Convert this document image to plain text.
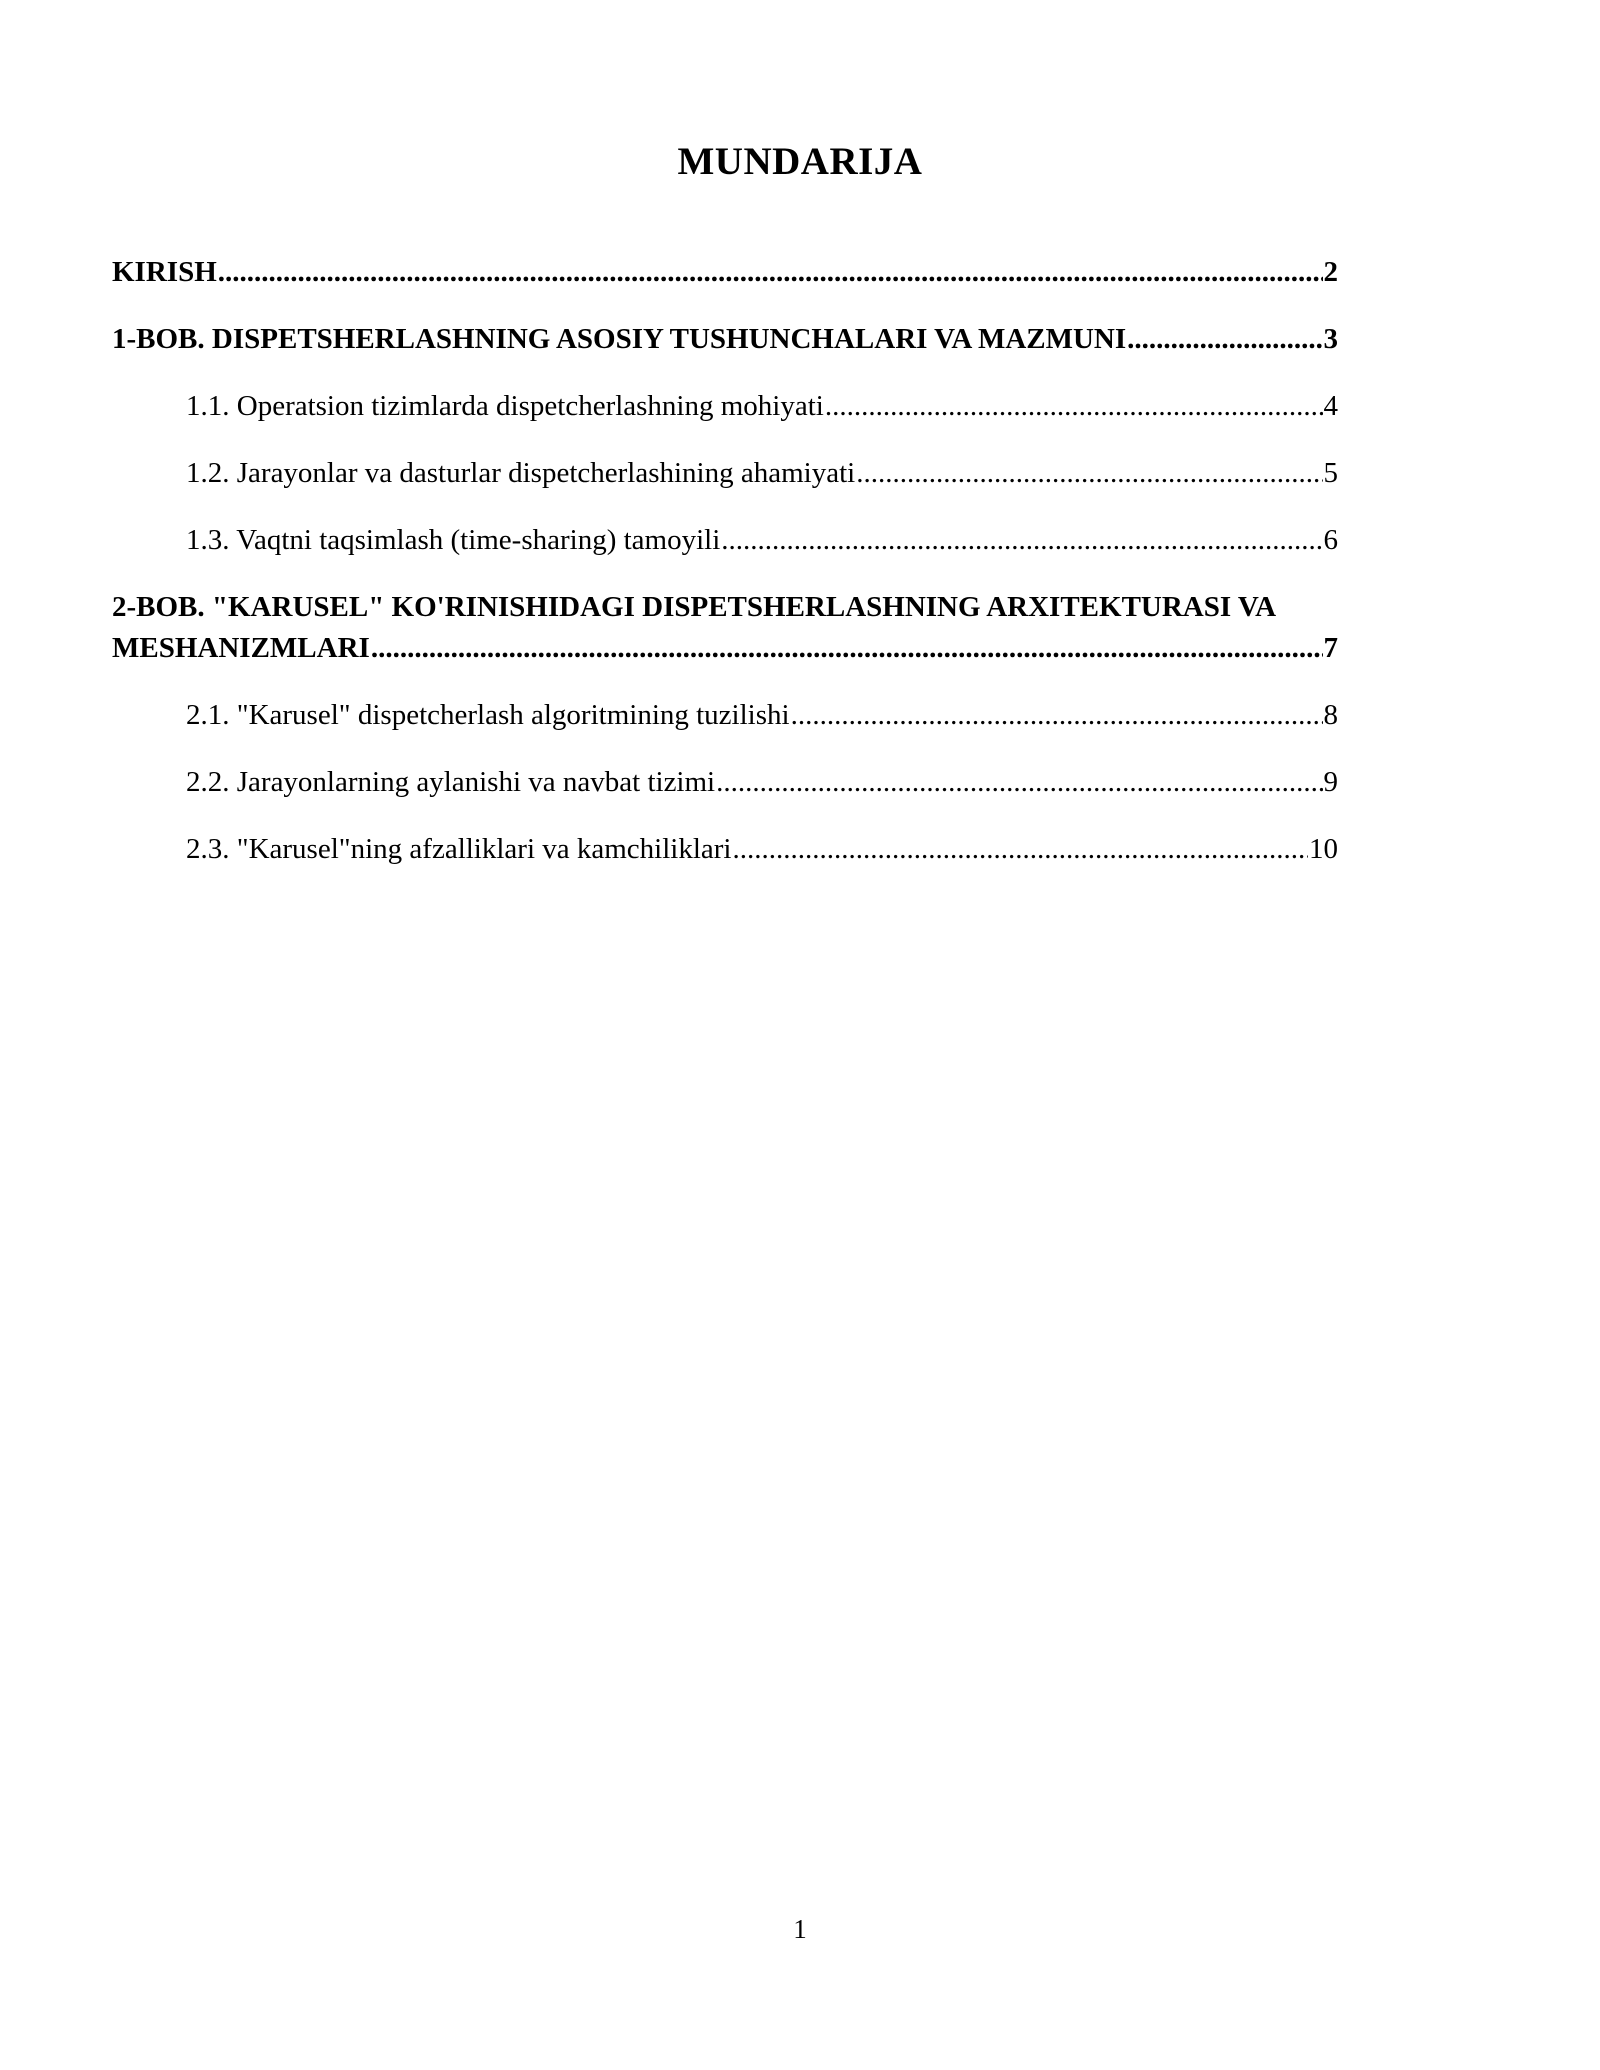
MUNDARIJA

KIRISH .....	2

1-BOB. DISPETSHERLASHNING ASOSIY TUSHUNCHALARI VA MAZMUNI .....	3

1.1. Operatsion tizimlarda dispetcherlashning mohiyati .....	4

1.2. Jarayonlar va dasturlar dispetcherlashining ahamiyati .....	5

1.3. Vaqtni taqsimlash (time-sharing) tamoyili .....	6

2-BOB. "KARUSEL" KO'RINISHIDAGI DISPETSHERLASHNING ARXITEKTURASI VA
MESHANIZMLARI .....	7

2.1. "Karusel" dispetcherlash algoritmining tuzilishi .....	8

2.2. Jarayonlarning aylanishi va navbat tizimi .....	9

2.3. "Karusel"ning afzalliklari va kamchiliklari .....	10

1
